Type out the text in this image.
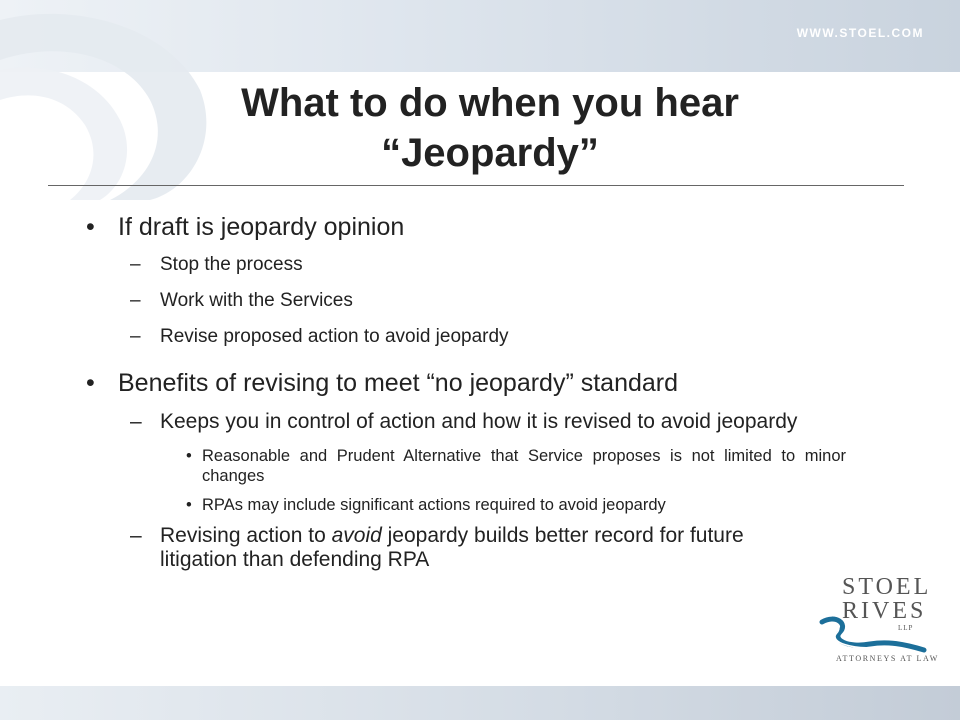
WWW.STOEL.COM
What to do when you hear
“Jeopardy”
• If draft is jeopardy opinion
– Stop the process
– Work with the Services
– Revise proposed action to avoid jeopardy
• Benefits of revising to meet “no jeopardy” standard
– Keeps you in control of action and how it is revised to avoid jeopardy
• Reasonable and Prudent Alternative that Service proposes is not limited to minor changes
• RPAs may include significant actions required to avoid jeopardy
– Revising action to avoid jeopardy builds better record for future litigation than defending RPA
STOEL
RIVES
LLP
ATTORNEYS AT LAW
